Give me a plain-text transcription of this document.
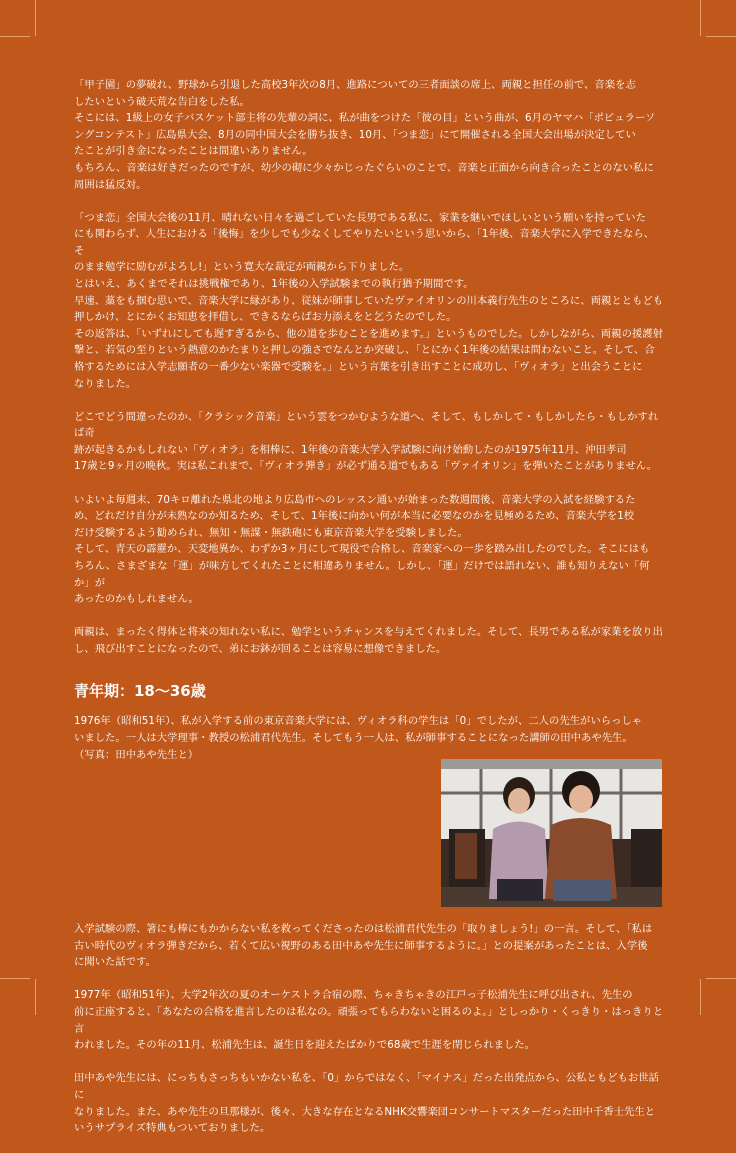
「甲子園」の夢破れ、野球から引退した高校3年次の8月、進路についての三者面談の席上、両親と担任の前で、音楽を志
したいという破天荒な告白をした私。
そこには、1級上の女子バスケット部主将の先輩の詞に、私が曲をつけた「彼の目」という曲が、6月のヤマハ「ポピュラーソ
ングコンテスト」広島県大会、8月の同中国大会を勝ち抜き、10月、「つま恋」にて開催される全国大会出場が決定してい
たことが引き金になったことは間違いありません。
もちろん、音楽は好きだったのですが、幼少の砌に少々かじったぐらいのことで、音楽と正面から向き合ったことのない私に
周囲は猛反対。

「つま恋」全国大会後の11月、晴れない日々を過ごしていた長男である私に、家業を継いでほしいという願いを持っていた
にも関わらず、人生における「後悔」を少しでも少なくしてやりたいという思いから、「1年後、音楽大学に入学できたなら、そ
のまま勉学に励むがよろし!」という寛大な裁定が両親から下りました。
とはいえ、あくまでそれは挑戦権であり、1年後の入学試験までの執行猶予期間です。
早速、藁をも掴む思いで、音楽大学に縁があり、従妹が師事していたヴァイオリンの川本義行先生のところに、両親とともども
押しかけ、とにかくお知恵を拝借し、できるならばお力添えをと乞うたのでした。
その返答は、「いずれにしても遅すぎるから、他の道を歩むことを進めます。」というものでした。しかしながら、両親の援護射
撃と、若気の至りという熱意のかたまりと押しの強さでなんとか突破し、「とにかく1年後の結果は問わないこと。そして、合
格するためには入学志願者の一番少ない楽器で受験を。」という言葉を引き出すことに成功し、「ヴィオラ」と出会うことに
なりました。

どこでどう間違ったのか、「クラシック音楽」という雲をつかむような道へ、そして、もしかして・もしかしたら・もしかすれば奇
跡が起きるかもしれない「ヴィオラ」を相棒に、1年後の音楽大学入学試験に向け始動したのが1975年11月、沖田孝司
17歳と9ヶ月の晩秋。実は私これまで、「ヴィオラ弾き」が必ず通る道でもある「ヴァイオリン」を弾いたことがありません。

いよいよ毎週末、70キロ離れた県北の地より広島市へのレッスン通いが始まった数週間後、音楽大学の入試を経験するた
め、どれだけ自分が未熟なのか知るため、そして、1年後に向かい何が本当に必要なのかを見極めるため、音楽大学を1校
だけ受験するよう勧められ、無知・無謀・無鉄砲にも東京音楽大学を受験しました。
そして、青天の霹靂か、天変地異か、わずか3ヶ月にして現役で合格し、音楽家への一歩を踏み出したのでした。そこにはも
ちろん、さまざまな「運」が味方してくれたことに相違ありません。しかし、「運」だけでは語れない、誰も知りえない「何か」が
あったのかもしれません。

両親は、まったく得体と将来の知れない私に、勉学というチャンスを与えてくれました。そして、長男である私が家業を放り出
し、飛び出すことになったので、弟にお鉢が回ることは容易に想像できました。

青年期：18～36歳

1976年（昭和51年）、私が入学する前の東京音楽大学には、ヴィオラ科の学生は「0」でしたが、二人の先生がいらっしゃ
いました。一人は大学理事・教授の松浦君代先生。そしてもう一人は、私が師事することになった講師の田中あや先生。
（写真：田中あや先生と）

入学試験の際、箸にも棒にもかからない私を救ってくださったのは松浦君代先生の「取りましょう!」の一言。そして、「私は
古い時代のヴィオラ弾きだから、若くて広い視野のある田中あや先生に師事するように。」との提案があったことは、入学後
に聞いた話です。

1977年（昭和51年）、大学2年次の夏のオーケストラ合宿の際、ちゃきちゃきの江戸っ子松浦先生に呼び出され、先生の
前に正座すると、「あなたの合格を進言したのは私なの。頑張ってもらわないと困るのよ。」としっかり・くっきり・はっきりと言
われました。その年の11月、松浦先生は、誕生日を迎えたばかりで68歳で生涯を閉じられました。

田中あや先生には、にっちもさっちもいかない私を、「0」からではなく、「マイナス」だった出発点から、公私ともどもお世話に
なりました。また、あや先生の旦那様が、後々、大きな存在となるNHK交響楽団コンサートマスターだった田中千香士先生と
いうサプライズ特典もついておりました。
